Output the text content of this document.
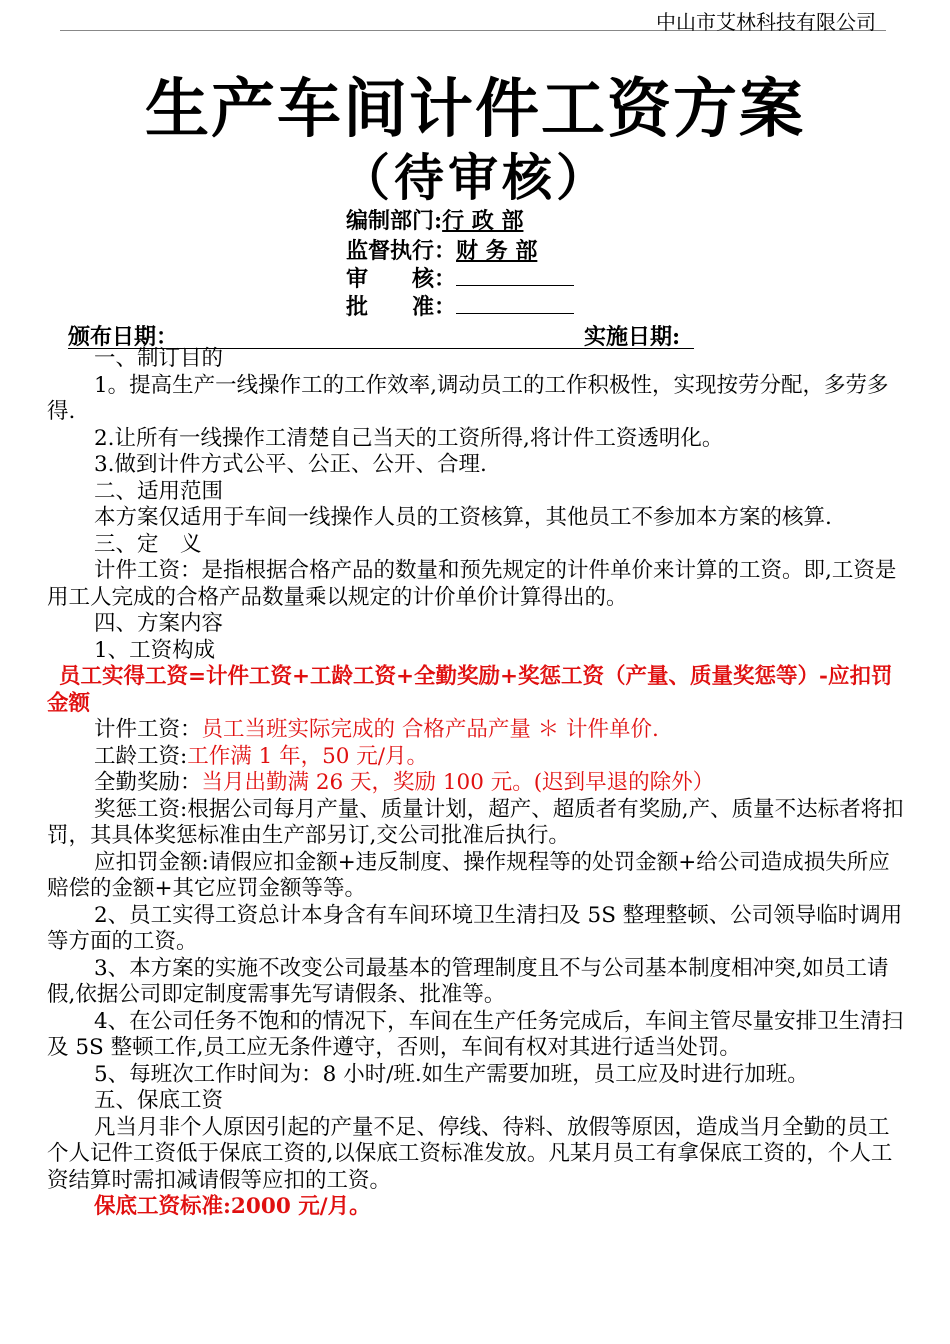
中山市艾林科技有限公司
生产车间计件工资方案
（待审核）
编制部门:行 政 部
监督执行：财 务 部
审　　核：
批　　准：
颁布日期：	实施日期:

一、制订目的

1。提高生产一线操作工的工作效率,调动员工的工作积极性，实现按劳分配，多劳多得.

2.让所有一线操作工清楚自己当天的工资所得,将计件工资透明化。

3.做到计件方式公平、公正、公开、合理.

二、适用范围

本方案仅适用于车间一线操作人员的工资核算，其他员工不参加本方案的核算.

三、定　义

计件工资：是指根据合格产品的数量和预先规定的计件单价来计算的工资。即,工资是用工人完成的合格产品数量乘以规定的计价单价计算得出的。

四、方案内容

1、工资构成

员工实得工资=计件工资+工龄工资+全勤奖励+奖惩工资（产量、质量奖惩等）-应扣罚金额

计件工资：员工当班实际完成的 合格产品产量 ＊ 计件单价.

工龄工资:工作满 1 年，50 元/月。

全勤奖励：当月出勤满 26 天，奖励 100 元。(迟到早退的除外）

奖惩工资:根据公司每月产量、质量计划，超产、超质者有奖励,产、质量不达标者将扣罚，其具体奖惩标准由生产部另订,交公司批准后执行。

应扣罚金额:请假应扣金额+违反制度、操作规程等的处罚金额+给公司造成损失所应赔偿的金额+其它应罚金额等等。

2、员工实得工资总计本身含有车间环境卫生清扫及 5S 整理整顿、公司领导临时调用等方面的工资。

3、本方案的实施不改变公司最基本的管理制度且不与公司基本制度相冲突,如员工请假,依据公司即定制度需事先写请假条、批准等。

4、在公司任务不饱和的情况下，车间在生产任务完成后，车间主管尽量安排卫生清扫及 5S 整顿工作,员工应无条件遵守，否则，车间有权对其进行适当处罚。

5、每班次工作时间为：8 小时/班.如生产需要加班，员工应及时进行加班。

五、保底工资

凡当月非个人原因引起的产量不足、停线、待料、放假等原因，造成当月全勤的员工个人记件工资低于保底工资的,以保底工资标准发放。凡某月员工有拿保底工资的，个人工资结算时需扣减请假等应扣的工资。

保底工资标准:2000 元/月。
